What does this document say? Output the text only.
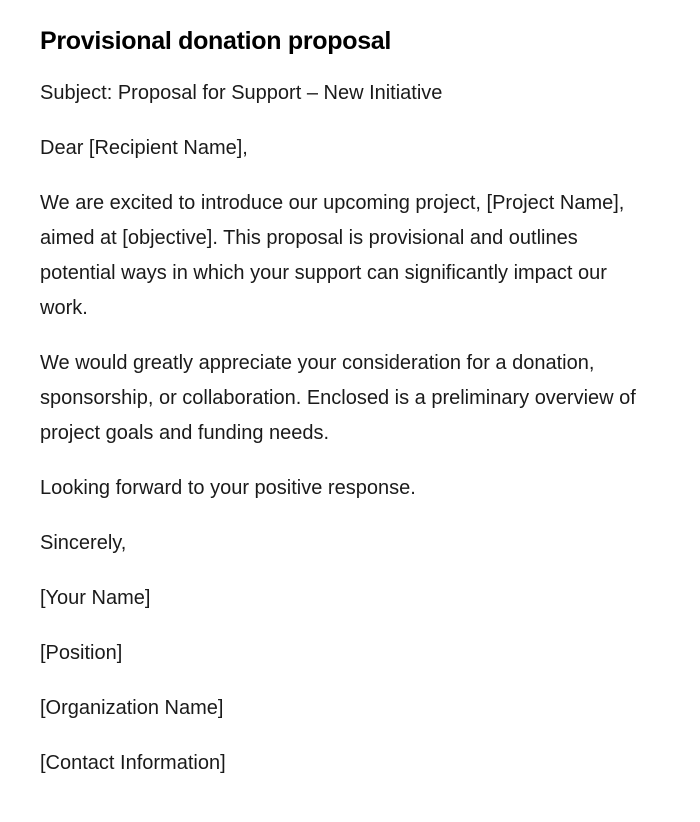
Provisional donation proposal

Subject: Proposal for Support – New Initiative

Dear [Recipient Name],

We are excited to introduce our upcoming project, [Project Name], aimed at [objective]. This proposal is provisional and outlines potential ways in which your support can significantly impact our work.

We would greatly appreciate your consideration for a donation, sponsorship, or collaboration. Enclosed is a preliminary overview of project goals and funding needs.

Looking forward to your positive response.

Sincerely,

[Your Name]

[Position]

[Organization Name]

[Contact Information]
